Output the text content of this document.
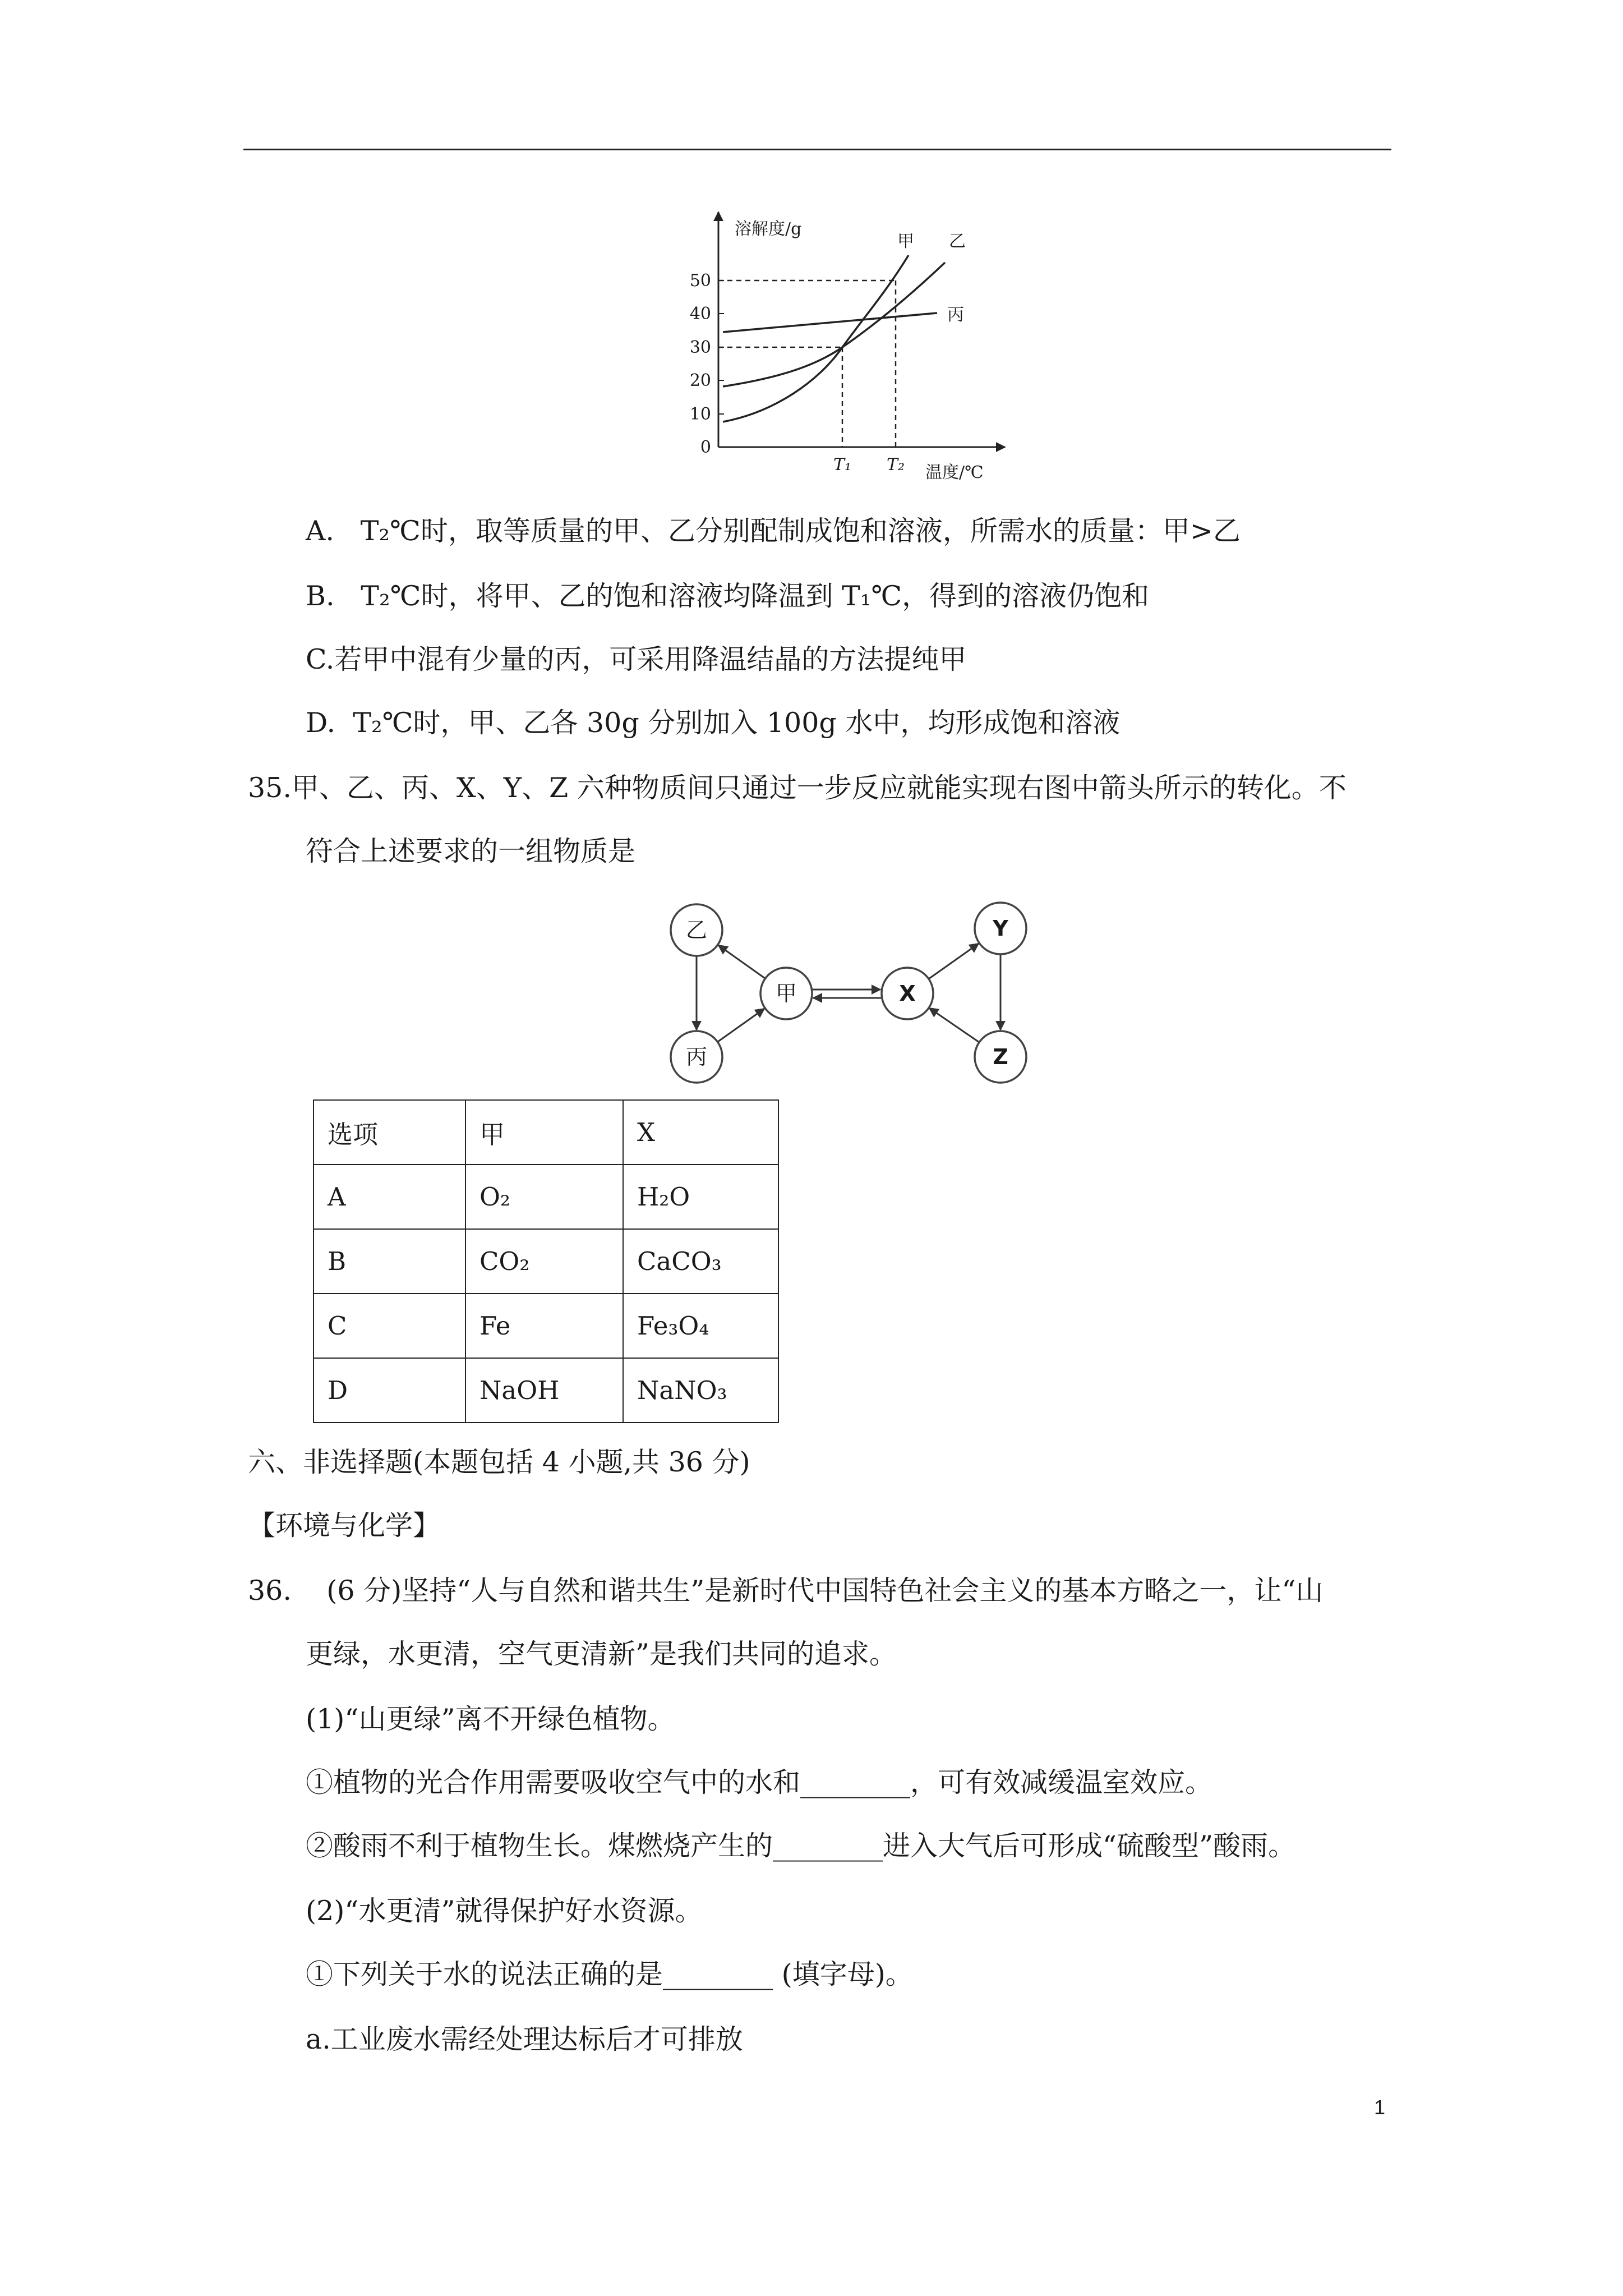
溶解度/g
温度/℃
50
40
30
20
10
0
T₁ T₂
甲 乙
丙
A.   T₂℃时，取等质量的甲、乙分别配制成饱和溶液，所需水的质量：甲>乙
B.   T₂℃时，将甲、乙的饱和溶液均降温到 T₁℃，得到的溶液仍饱和
C.若甲中混有少量的丙，可采用降温结晶的方法提纯甲
D.  T₂℃时，甲、乙各 30g 分别加入 100g 水中，均形成饱和溶液
35.甲、乙、丙、X、Y、Z 六种物质间只通过一步反应就能实现右图中箭头所示的转化。不
符合上述要求的一组物质是
乙
丙
甲	X
Y
Z
选项	甲	X
A	O₂	H₂O
B	CO₂	CaCO₃
C	Fe	Fe₃O₄
D	NaOH	NaNO₃
六、非选择题(本题包括 4 小题,共 36 分)
【环境与化学】
36.    (6 分)坚持“人与自然和谐共生”是新时代中国特色社会主义的基本方略之一，让“山
更绿，水更清，空气更清新”是我们共同的追求。
(1)“山更绿”离不开绿色植物。
①植物的光合作用需要吸收空气中的水和________，可有效减缓温室效应。
②酸雨不利于植物生长。煤燃烧产生的________进入大气后可形成“硫酸型”酸雨。
(2)“水更清”就得保护好水资源。
①下列关于水的说法正确的是________ (填字母)。
a.工业废水需经处理达标后才可排放
1
